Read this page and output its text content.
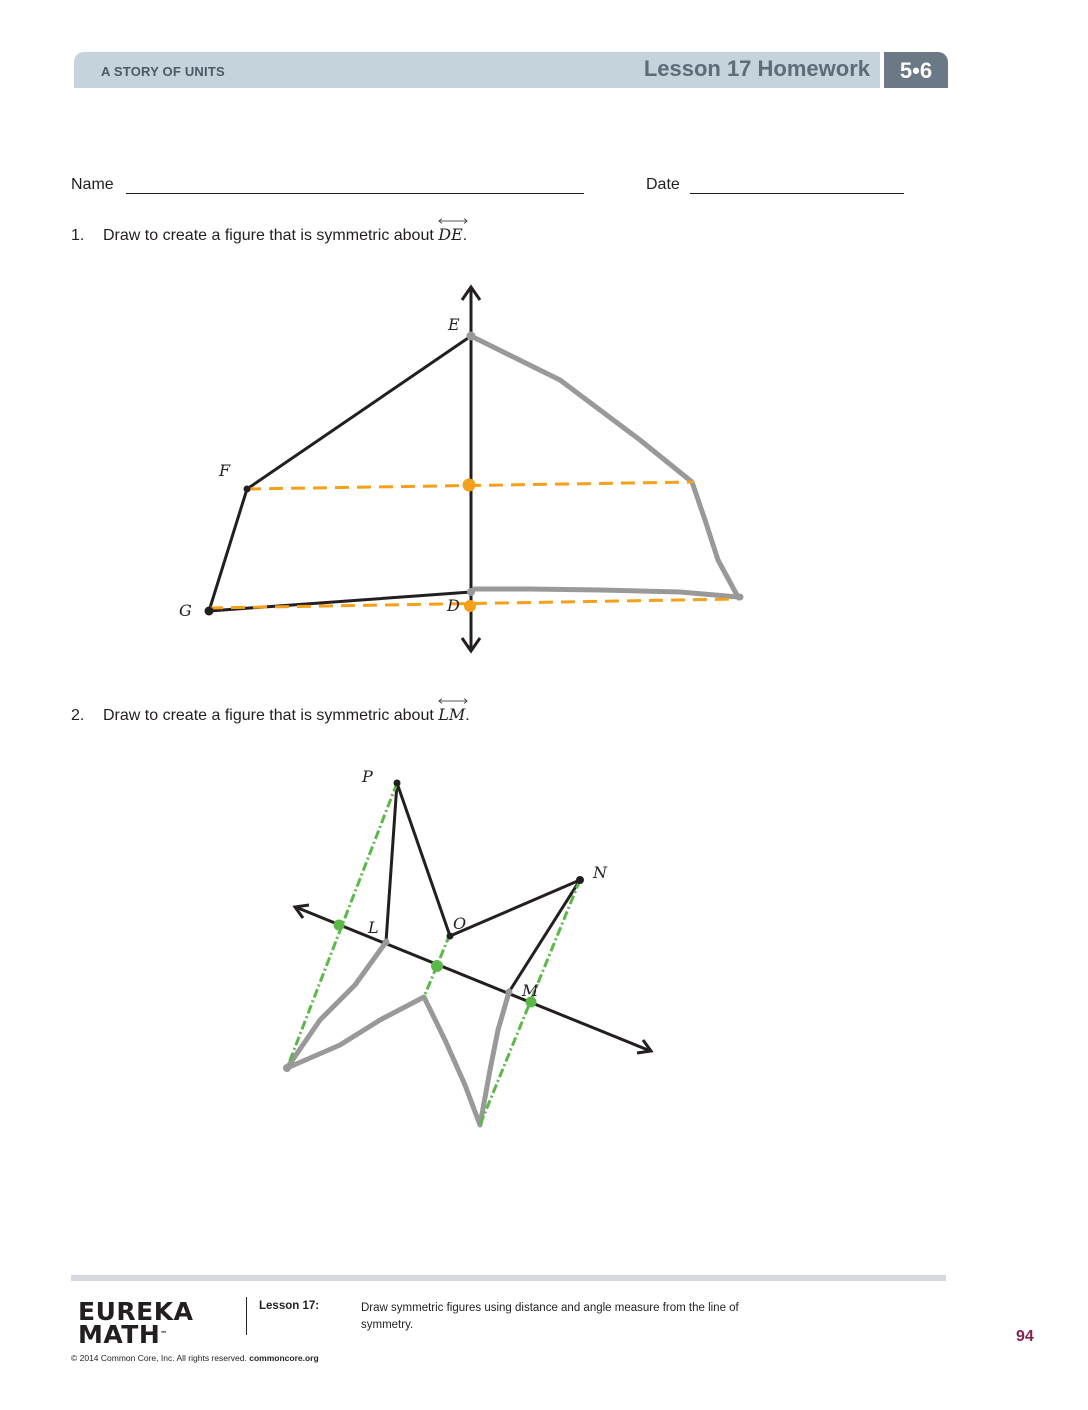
A STORY OF UNITS	Lesson 17 Homework	5•6
Name	Date
1. Draw to create a figure that is symmetric about
DE.
2. Draw to create a figure that is symmetric about
LM.
E
F
G	D
P
N
L	O
M
EUREKA
MATH™
© 2014 Common Core, Inc. All rights reserved. commoncore.org
Lesson 17:	Draw symmetric figures using distance and angle measure from the line of symmetry.
94
